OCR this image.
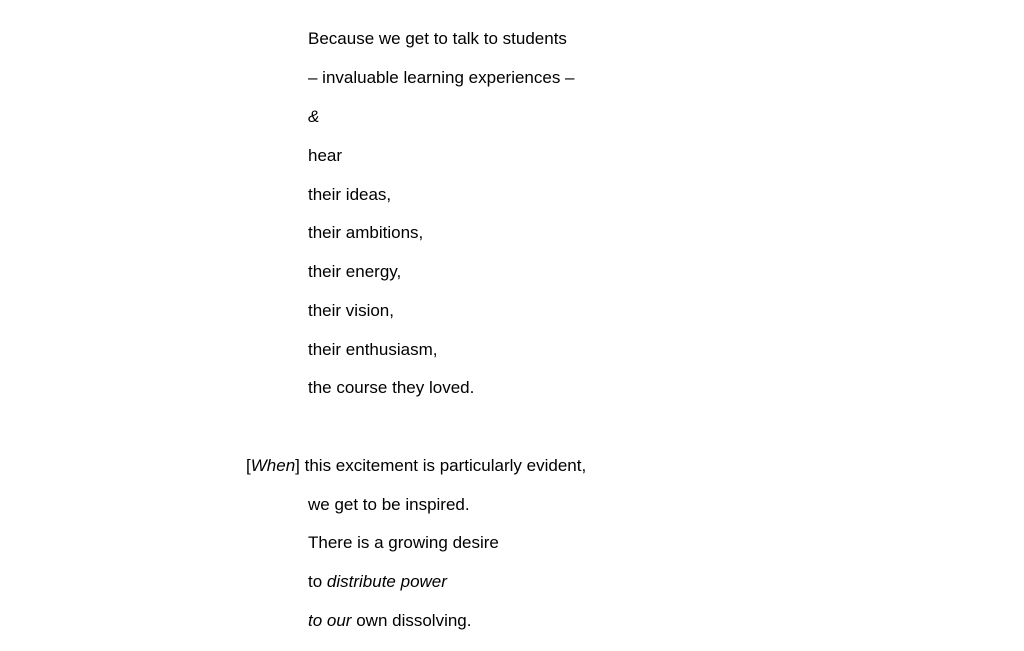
Because we get to talk to students
– invaluable learning experiences –
&
hear
their ideas,
their ambitions,
their energy,
their vision,
their enthusiasm,
the course they loved.
[When] this excitement is particularly evident,
we get to be inspired.
There is a growing desire
to distribute power
to our own dissolving.
